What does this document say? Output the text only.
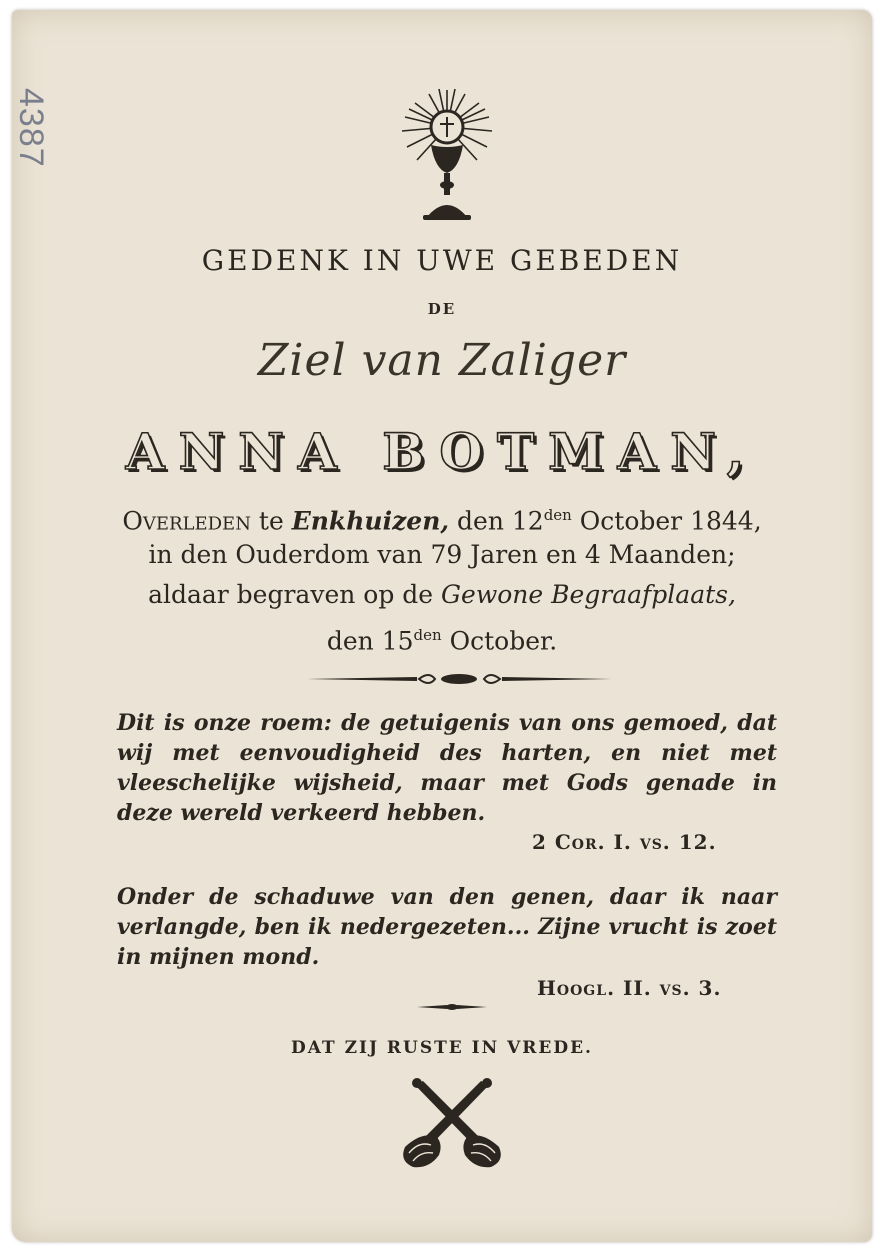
4387
GEDENK IN UWE GEBEDEN
DE
Ziel van Zaliger
ANNA BOTMAN,
Overleden te Enkhuizen, den $12^{den}$ October 1844,
in den Ouderdom van 79 Jaren en 4 Maanden;
aldaar begraven op de Gewone Begraafplaats,
den $15^{den}$ October.
Dit is onze roem: de getuigenis van ons gemoed, dat wij met eenvoudigheid des harten, en niet met vleeschelijke wijsheid, maar met Gods genade in deze wereld verkeerd hebben.
2 Cor. I. vs. 12.
Onder de schaduwe van den genen, daar ik naar verlangde, ben ik nedergezeten... Zijne vrucht is zoet in mijnen mond.
Hoogl. II. vs. 3.
DAT ZIJ RUSTE IN VREDE.
